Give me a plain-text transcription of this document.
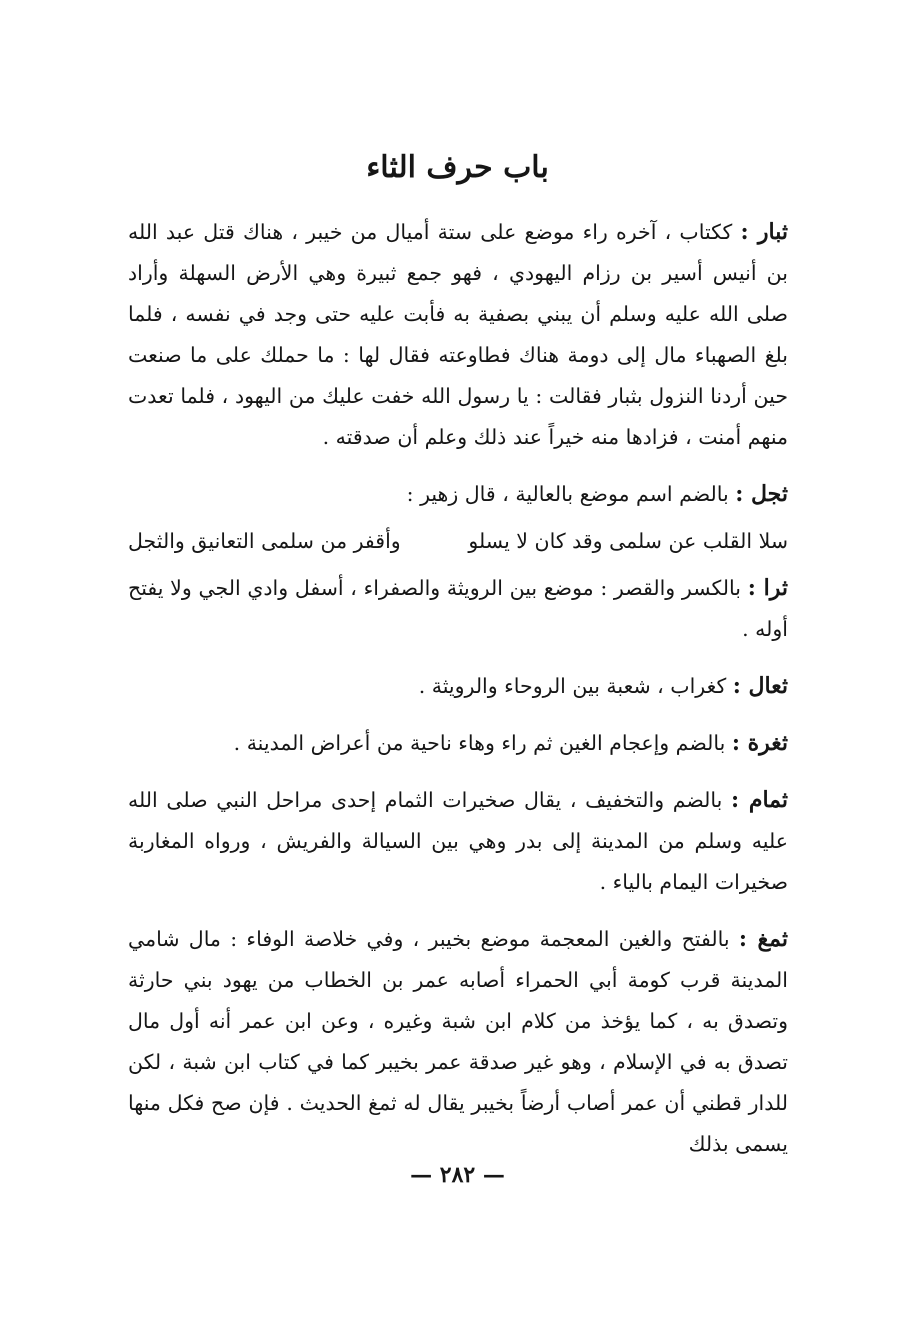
باب حرف الثاء

ثبار : ككتاب ، آخره راء موضع على ستة أميال من خيبر ، هناك قتل عبد الله بن أنيس أسير بن رزام اليهودي ، فهو جمع ثبيرة وهي الأرض السهلة وأراد صلى الله عليه وسلم أن يبني بصفية به فأبت عليه حتى وجد في نفسه ، فلما بلغ الصهباء مال إلى دومة هناك فطاوعته فقال لها : ما حملك على ما صنعت حين أردنا النزول بثبار فقالت : يا رسول الله خفت عليك من اليهود ، فلما تعدت منهم أمنت ، فزادها منه خيراً عند ذلك وعلم أن صدقته .

ثجل : بالضم اسم موضع بالعالية ، قال زهير :

سلا القلب عن سلمى وقد كان لا يسلو
وأقفر من سلمى التعانيق والثجل

ثرا : بالكسر والقصر : موضع بين الرويثة والصفراء ، أسفل وادي الجي ولا يفتح أوله .

ثعال : كغراب ، شعبة بين الروحاء والرويثة .

ثغرة : بالضم وإعجام الغين ثم راء وهاء ناحية من أعراض المدينة .

ثمام : بالضم والتخفيف ، يقال صخيرات الثمام إحدى مراحل النبي صلى الله عليه وسلم من المدينة إلى بدر وهي بين السيالة والفريش ، ورواه المغاربة صخيرات اليمام بالياء .

ثمغ : بالفتح والغين المعجمة موضع بخيبر ، وفي خلاصة الوفاء : مال شامي المدينة قرب كومة أبي الحمراء أصابه عمر بن الخطاب من يهود بني حارثة وتصدق به ، كما يؤخذ من كلام ابن شبة وغيره ، وعن ابن عمر أنه أول مال تصدق به في الإسلام ، وهو غير صدقة عمر بخيبر كما في كتاب ابن شبة ، لكن للدار قطني أن عمر أصاب أرضاً بخيبر يقال له ثمغ الحديث . فإن صح فكل منها يسمى بذلك

— ٢٨٢ —
